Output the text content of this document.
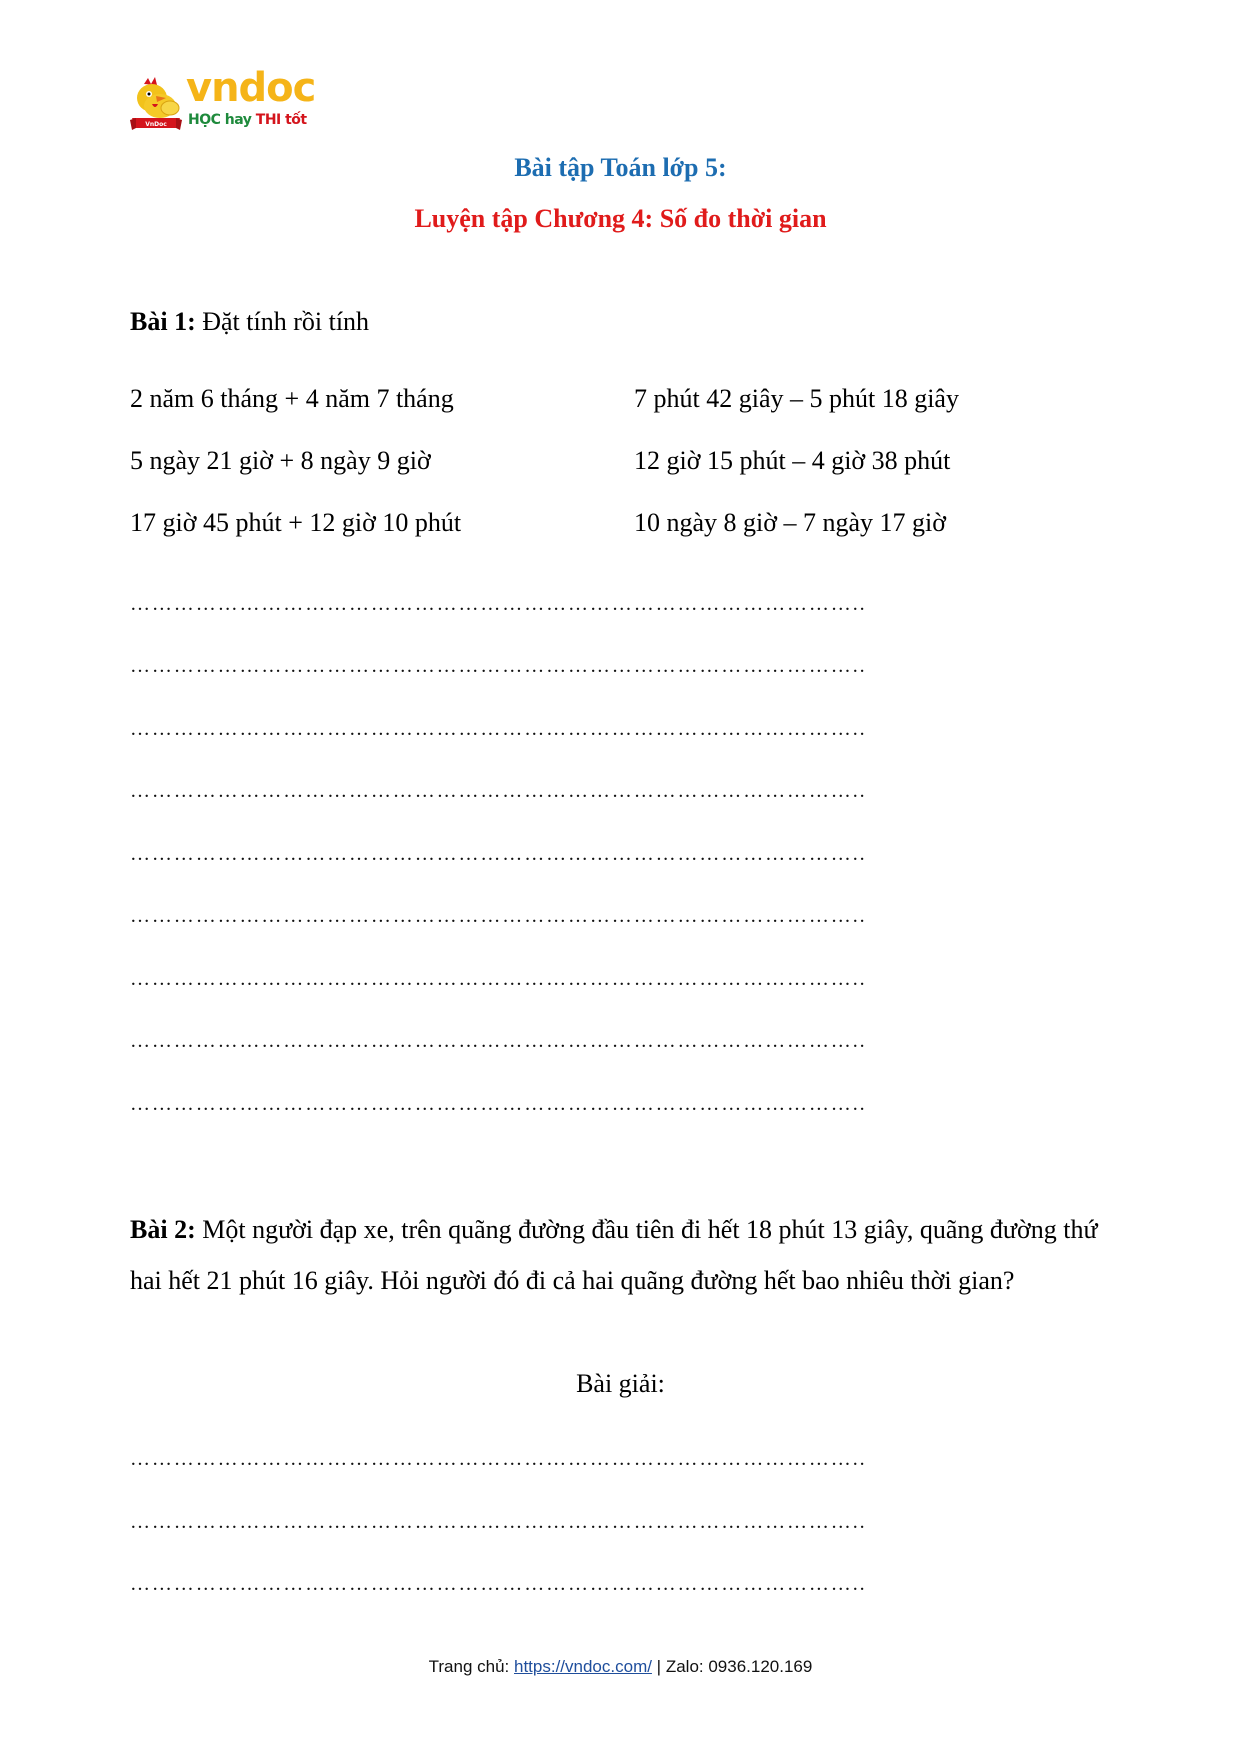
VnDoc
vndoc
HỌC hay THI tốt
Bài tập Toán lớp 5:
Luyện tập Chương 4: Số đo thời gian
Bài 1: Đặt tính rồi tính
2 năm 6 tháng + 4 năm 7 tháng
5 ngày 21 giờ + 8 ngày 9 giờ
17 giờ 45 phút + 12 giờ 10 phút
7 phút 42 giây – 5 phút 18 giây
12 giờ 15 phút – 4 giờ 38 phút
10 ngày 8 giờ – 7 ngày 17 giờ
………………………………………………………………………………………..
………………………………………………………………………………………..
………………………………………………………………………………………..
………………………………………………………………………………………..
………………………………………………………………………………………..
………………………………………………………………………………………..
………………………………………………………………………………………..
………………………………………………………………………………………..
………………………………………………………………………………………..
Bài 2: Một người đạp xe, trên quãng đường đầu tiên đi hết 18 phút 13 giây, quãng đường thứ hai hết 21 phút 16 giây. Hỏi người đó đi cả hai quãng đường hết bao nhiêu thời gian?
Bài giải:
………………………………………………………………………………………..
………………………………………………………………………………………..
………………………………………………………………………………………..
Trang chủ: https://vndoc.com/ | Zalo: 0936.120.169
